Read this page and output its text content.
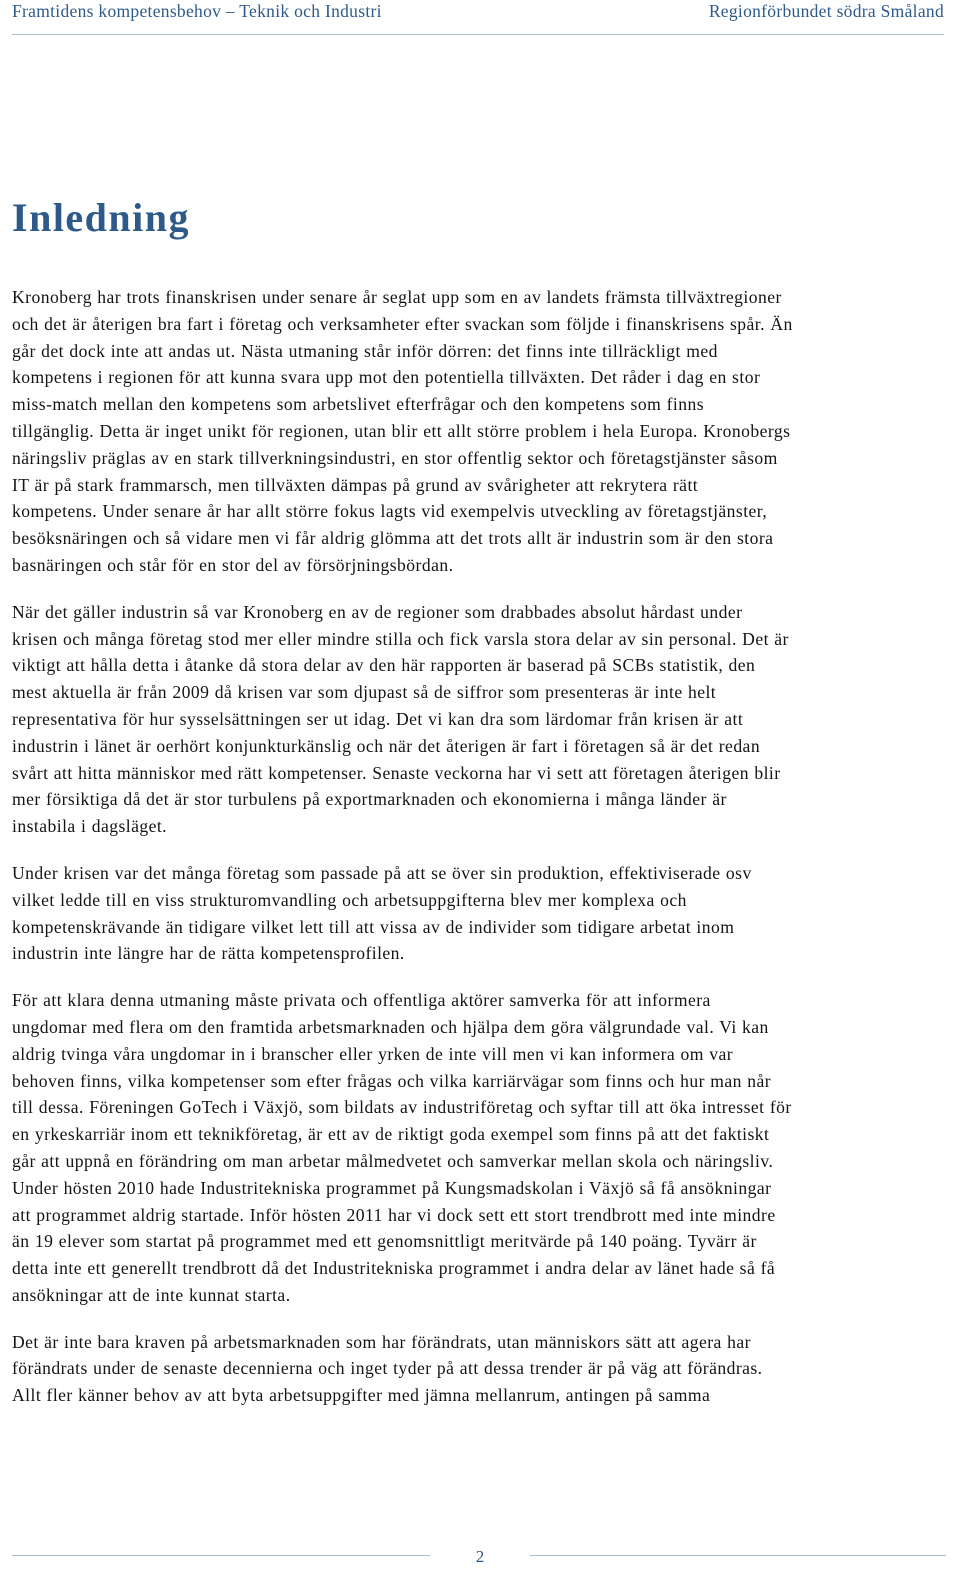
Framtidens kompetensbehov – Teknik och Industri	Regionförbundet södra Småland
Inledning

Kronoberg har trots finanskrisen under senare år seglat upp som en av landets främsta tillväxtregioner
och det är återigen bra fart i företag och verksamheter efter svackan som följde i finanskrisens spår. Än
går det dock inte att andas ut. Nästa utmaning står inför dörren: det finns inte tillräckligt med
kompetens i regionen för att kunna svara upp mot den potentiella tillväxten. Det råder i dag en stor
miss-match mellan den kompetens som arbetslivet efterfrågar och den kompetens som finns
tillgänglig. Detta är inget unikt för regionen, utan blir ett allt större problem i hela Europa. Kronobergs
näringsliv präglas av en stark tillverkningsindustri, en stor offentlig sektor och företagstjänster såsom
IT är på stark frammarsch, men tillväxten dämpas på grund av svårigheter att rekrytera rätt
kompetens. Under senare år har allt större fokus lagts vid exempelvis utveckling av företagstjänster,
besöksnäringen och så vidare men vi får aldrig glömma att det trots allt är industrin som är den stora
basnäringen och står för en stor del av försörjningsbördan.

När det gäller industrin så var Kronoberg en av de regioner som drabbades absolut hårdast under
krisen och många företag stod mer eller mindre stilla och fick varsla stora delar av sin personal. Det är
viktigt att hålla detta i åtanke då stora delar av den här rapporten är baserad på SCBs statistik, den
mest aktuella är från 2009 då krisen var som djupast så de siffror som presenteras är inte helt
representativa för hur sysselsättningen ser ut idag. Det vi kan dra som lärdomar från krisen är att
industrin i länet är oerhört konjunkturkänslig och när det återigen är fart i företagen så är det redan
svårt att hitta människor med rätt kompetenser. Senaste veckorna har vi sett att företagen återigen blir
mer försiktiga då det är stor turbulens på exportmarknaden och ekonomierna i många länder är
instabila i dagsläget.

Under krisen var det många företag som passade på att se över sin produktion, effektiviserade osv
vilket ledde till en viss strukturomvandling och arbetsuppgifterna blev mer komplexa och
kompetenskrävande än tidigare vilket lett till att vissa av de individer som tidigare arbetat inom
industrin inte längre har de rätta kompetensprofilen.

För att klara denna utmaning måste privata och offentliga aktörer samverka för att informera
ungdomar med flera om den framtida arbetsmarknaden och hjälpa dem göra välgrundade val. Vi kan
aldrig tvinga våra ungdomar in i branscher eller yrken de inte vill men vi kan informera om var
behoven finns, vilka kompetenser som efter frågas och vilka karriärvägar som finns och hur man når
till dessa. Föreningen GoTech i Växjö, som bildats av industriföretag och syftar till att öka intresset för
en yrkeskarriär inom ett teknikföretag, är ett av de riktigt goda exempel som finns på att det faktiskt
går att uppnå en förändring om man arbetar målmedvetet och samverkar mellan skola och näringsliv.
Under hösten 2010 hade Industritekniska programmet på Kungsmadskolan i Växjö så få ansökningar
att programmet aldrig startade. Inför hösten 2011 har vi dock sett ett stort trendbrott med inte mindre
än 19 elever som startat på programmet med ett genomsnittligt meritvärde på 140 poäng. Tyvärr är
detta inte ett generellt trendbrott då det Industritekniska programmet i andra delar av länet hade så få
ansökningar att de inte kunnat starta.

Det är inte bara kraven på arbetsmarknaden som har förändrats, utan människors sätt att agera har
förändrats under de senaste decennierna och inget tyder på att dessa trender är på väg att förändras.
Allt fler känner behov av att byta arbetsuppgifter med jämna mellanrum, antingen på samma

2
